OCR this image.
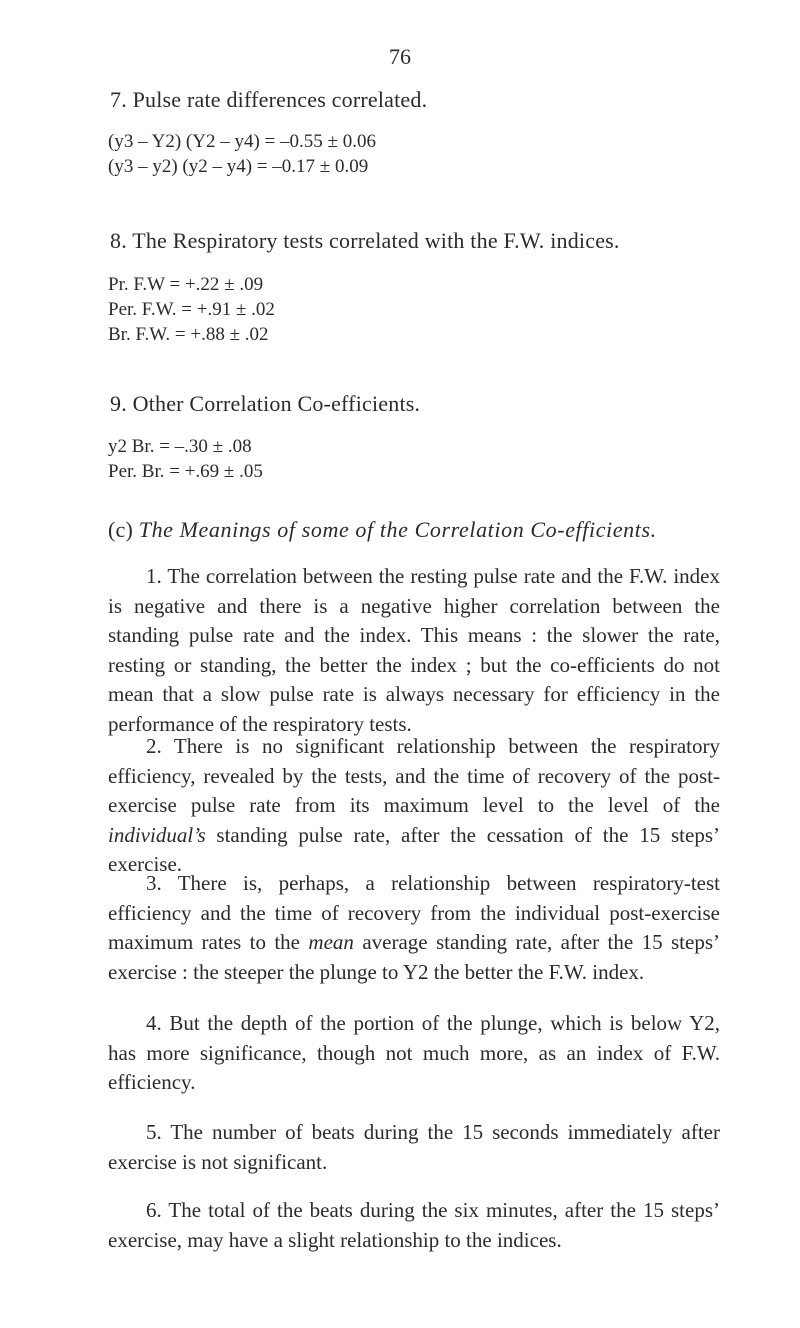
76
7. Pulse rate differences correlated.
(y3 – Y2) (Y2 – y4) = –0.55 ± 0.06
(y3 – y2) (y2 – y4) = –0.17 ± 0.09
8. The Respiratory tests correlated with the F.W. indices.
Pr. F.W = +.22 ± .09
Per. F.W. = +.91 ± .02
Br. F.W. = +.88 ± .02
9. Other Correlation Co-efficients.
y2 Br. = –.30 ± .08
Per. Br. = +.69 ± .05
(c) The Meanings of some of the Correlation Co-efficients.
1. The correlation between the resting pulse rate and the F.W. index is negative and there is a negative higher correlation between the standing pulse rate and the index. This means : the slower the rate, resting or standing, the better the index ; but the co-efficients do not mean that a slow pulse rate is always necessary for efficiency in the performance of the respiratory tests.
2. There is no significant relationship between the respiratory efficiency, revealed by the tests, and the time of recovery of the post-exercise pulse rate from its maximum level to the level of the individual’s standing pulse rate, after the cessation of the 15 steps’ exercise.
3. There is, perhaps, a relationship between respiratory-test efficiency and the time of recovery from the individual post-exercise maximum rates to the mean average standing rate, after the 15 steps’ exercise : the steeper the plunge to Y2 the better the F.W. index.
4. But the depth of the portion of the plunge, which is below Y2, has more significance, though not much more, as an index of F.W. efficiency.
5. The number of beats during the 15 seconds immediately after exercise is not significant.
6. The total of the beats during the six minutes, after the 15 steps’ exercise, may have a slight relationship to the indices.
